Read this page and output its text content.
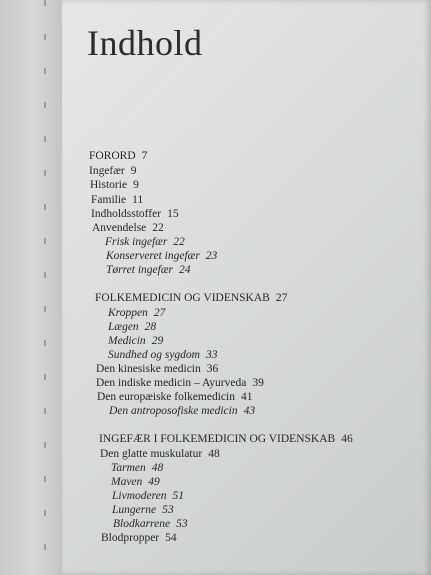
Indhold
FORORD 7
Ingefær 9
Historie 9
Familie 11
Indholdsstoffer 15
Anvendelse 22
Frisk ingefær 22
Konserveret ingefær 23
Tørret ingefær 24
FOLKEMEDICIN OG VIDENSKAB 27
Kroppen 27
Lægen 28
Medicin 29
Sundhed og sygdom 33
Den kinesiske medicin 36
Den indiske medicin – Ayurveda 39
Den europæiske folkemedicin 41
Den antroposofiske medicin 43
INGEFÆR I FOLKEMEDICIN OG VIDENSKAB 46
Den glatte muskulatur 48
Tarmen 48
Maven 49
Livmoderen 51
Lungerne 53
Blodkarrene 53
Blodpropper 54
